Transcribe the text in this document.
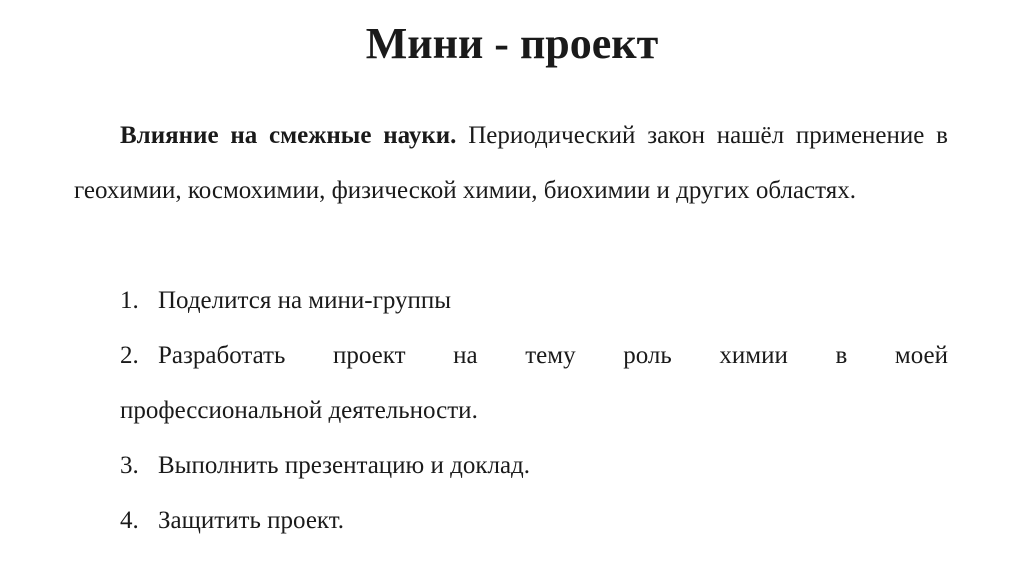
Мини - проект

Влияние на смежные науки. Периодический закон нашёл применение в геохимии, космохимии, физической химии, биохимии и других областях.

1. Поделится на мини-группы
2. Разработать проект на тему роль химии в моей
профессиональной деятельности.
3. Выполнить презентацию и доклад.
4. Защитить проект.
